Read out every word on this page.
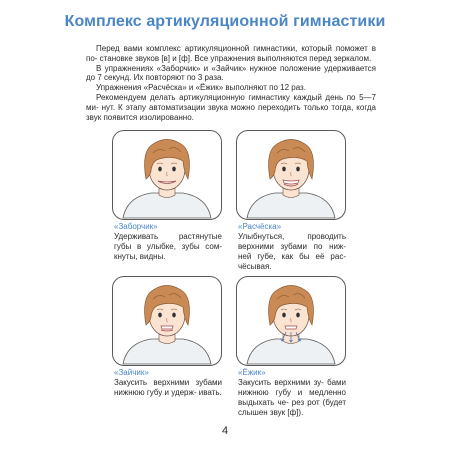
Комплекс артикуляционной гимнастики

Перед вами комплекс артикуляционной гимнастики, который поможет в по- становке звуков [в] и [ф]. Все упражнения выполняются перед зеркалом.

В упражнениях «Заборчик» и «Зайчик» нужное положение удерживается до 7 секунд. Их повторяют по 3 раза.

Упражнения «Расчёска» и «Ёжик» выполняют по 12 раз.

Рекомендуем делать артикуляционную гимнастику каждый день по 5—7 ми- нут. К этапу автоматизации звука можно переходить только тогда, когда звук появится изолированно.

«Заборчик»
Удерживать растянутые губы в улыбке, зубы сом- кнуты, видны.
«Расчёска»
Улыбнуться, проводить верхними зубами по ниж- ней губе, как бы её рас- чёсывая.
«Зайчик»
Закусить верхними зубами нижнюю губу и удерж- ивать.
«Ёжик»
Закусить верхними зу- бами нижнюю губу и медленно выдыхать че- рез рот (будет слышен звук [ф]).
4
